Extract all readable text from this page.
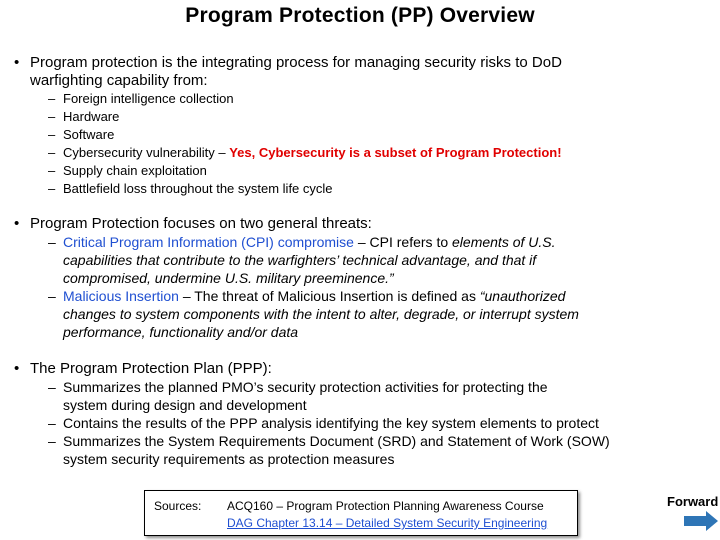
Program Protection (PP) Overview
• Program protection is the integrating process for managing security risks to DoD
warfighting capability from:
– Foreign intelligence collection
– Hardware
– Software
– Cybersecurity vulnerability – Yes, Cybersecurity is a subset of Program Protection!
– Supply chain exploitation
– Battlefield loss throughout the system life cycle
• Program Protection focuses on two general threats:
– Critical Program Information (CPI) compromise – CPI refers to elements of U.S.
capabilities that contribute to the warfighters’ technical advantage, and that if
compromised, undermine U.S. military preeminence.”
– Malicious Insertion – The threat of Malicious Insertion is defined as “unauthorized
changes to system components with the intent to alter, degrade, or interrupt system
performance, functionality and/or data
• The Program Protection Plan (PPP):
– Summarizes the planned PMO’s security protection activities for protecting the
system during design and development
– Contains the results of the PPP analysis identifying the key system elements to protect
– Summarizes the System Requirements Document (SRD) and Statement of Work (SOW)
system security requirements as protection measures
Sources: ACQ160 – Program Protection Planning Awareness Course
DAG Chapter 13.14 – Detailed System Security Engineering
Forward
